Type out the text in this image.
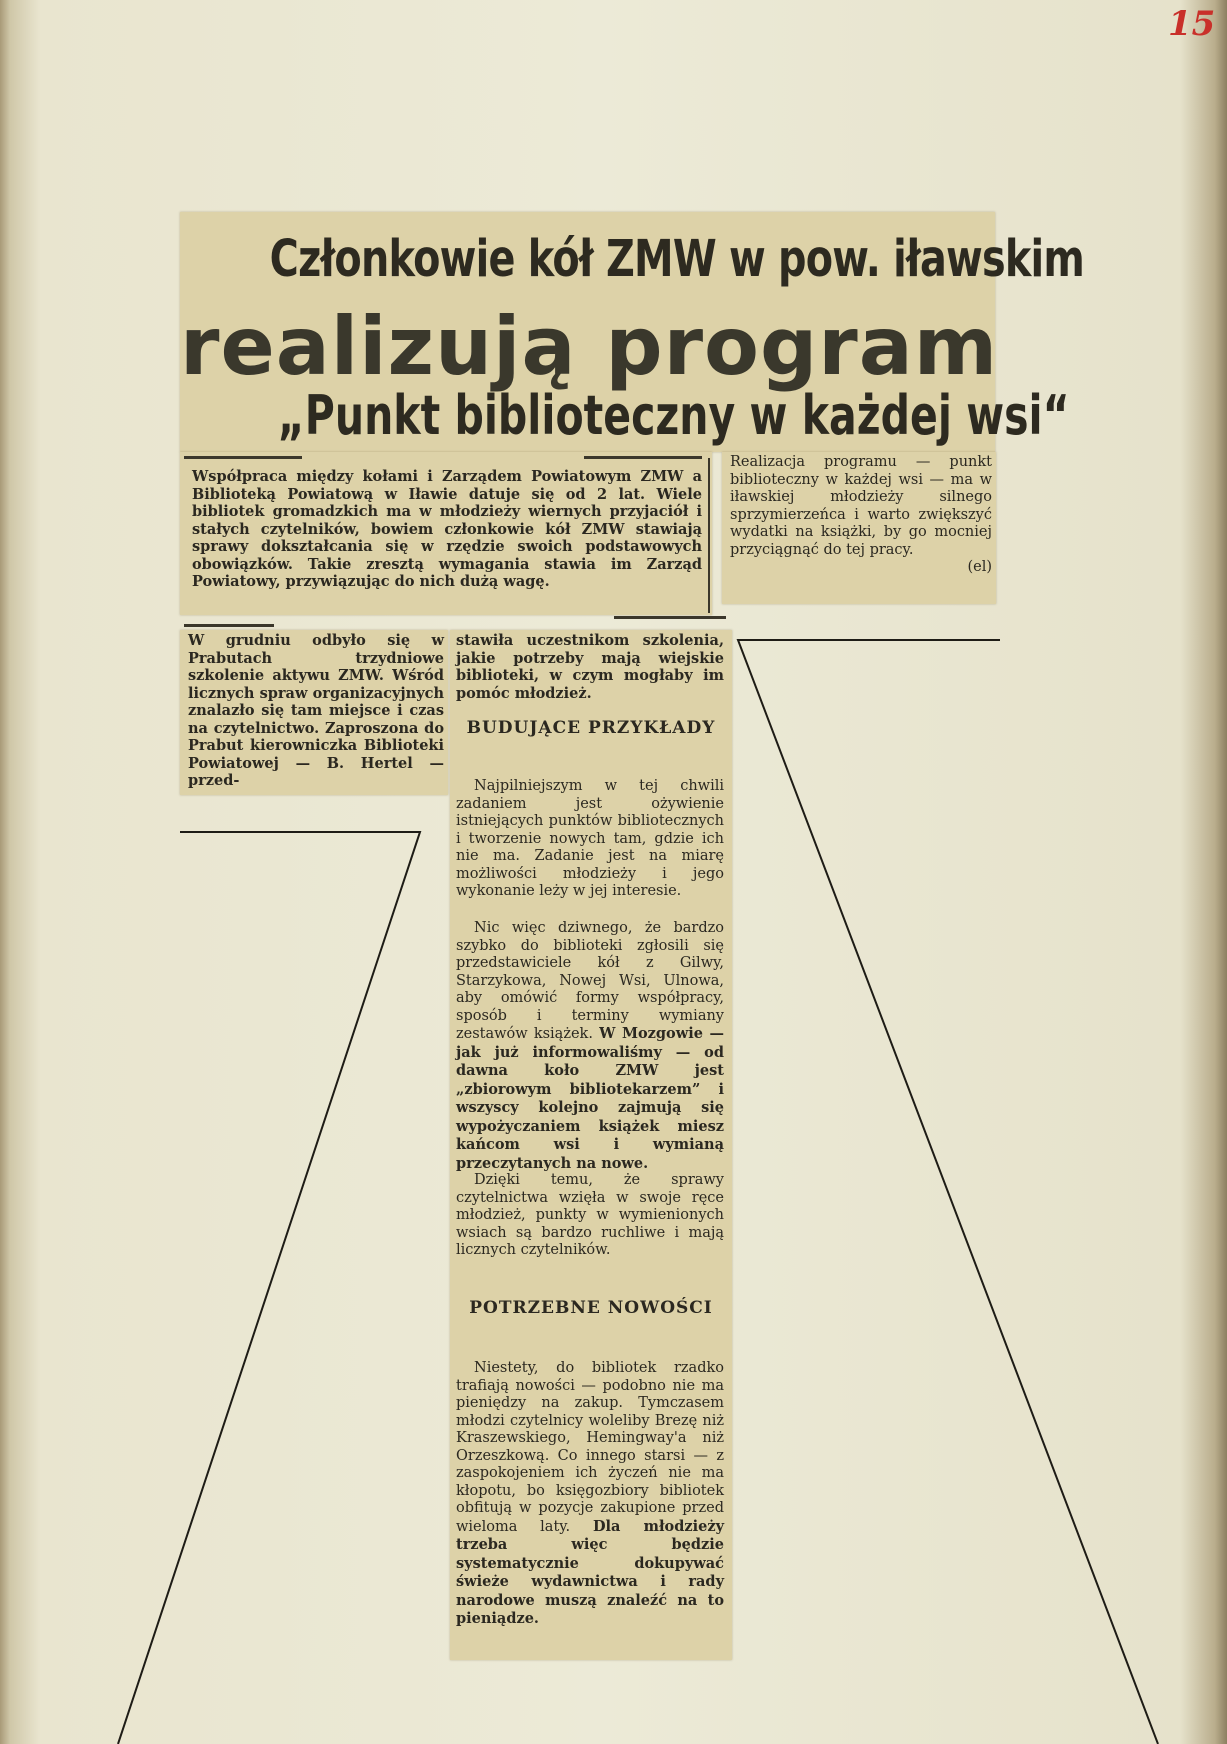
15
Członkowie kół ZMW w pow. iławskim
realizują program
„Punkt biblioteczny w każdej wsi“
Współpraca między kołami i Zarządem Powiatowym ZMW a Biblioteką Powiatową w Iławie datuje się od 2 lat. Wiele bibliotek gromadzkich ma w młodzieży wiernych przyjaciół i stałych czytelników, bowiem członkowie kół ZMW stawiają sprawy dokształcania się w rzędzie swoich podstawowych obowiązków. Takie zresztą wymagania stawia im Zarząd Powiatowy, przywiązując do nich dużą wagę.
Realizacja programu — punkt biblioteczny w każdej wsi — ma w iławskiej młodzieży silnego sprzymierzeńca i warto zwiększyć wydatki na książki, by go mocniej przyciągnąć do tej pracy.
(el)
W grudniu odbyło się w Prabutach trzydniowe szkolenie aktywu ZMW. Wśród licznych spraw organizacyjnych znalazło się tam miejsce i czas na czytelnictwo. Zaproszona do Prabut kierowniczka Biblioteki Powiatowej — B. Hertel — przed-
stawiła uczestnikom szkolenia, jakie potrzeby mają wiejskie biblioteki, w czym mogłaby im pomóc młodzież.
BUDUJĄCE PRZYKŁADY
Najpilniejszym w tej chwili zadaniem jest ożywienie istniejących punktów bibliotecznych i tworzenie nowych tam, gdzie ich nie ma. Zadanie jest na miarę możliwości młodzieży i jego wykonanie leży w jej interesie.
Nic więc dziwnego, że bardzo szybko do biblioteki zgłosili się przedstawiciele kół z Gilwy, Starzykowa, Nowej Wsi, Ulnowa, aby omówić formy współpracy, sposób i terminy wymiany zestawów książek. W Mozgowie — jak już informowaliśmy — od dawna koło ZMW jest „zbiorowym bibliotekarzem” i wszyscy kolejno zajmują się wypożyczaniem książek miesz kańcom wsi i wymianą przeczytanych na nowe.
Dzięki temu, że sprawy czytelnictwa wzięła w swoje ręce młodzież, punkty w wymienionych wsiach są bardzo ruchliwe i mają licznych czytelników.
POTRZEBNE NOWOŚCI
Niestety, do bibliotek rzadko trafiają nowości — podobno nie ma pieniędzy na zakup. Tymczasem młodzi czytelnicy woleliby Brezę niż Kraszewskiego, Hemingway'a niż Orzeszkową. Co innego starsi — z zaspokojeniem ich życzeń nie ma kłopotu, bo księgozbiory bibliotek obfitują w pozycje zakupione przed wieloma laty. Dla młodzieży trzeba więc będzie systematycznie dokupywać świeże wydawnictwa i rady narodowe muszą znaleźć na to pieniądze.
